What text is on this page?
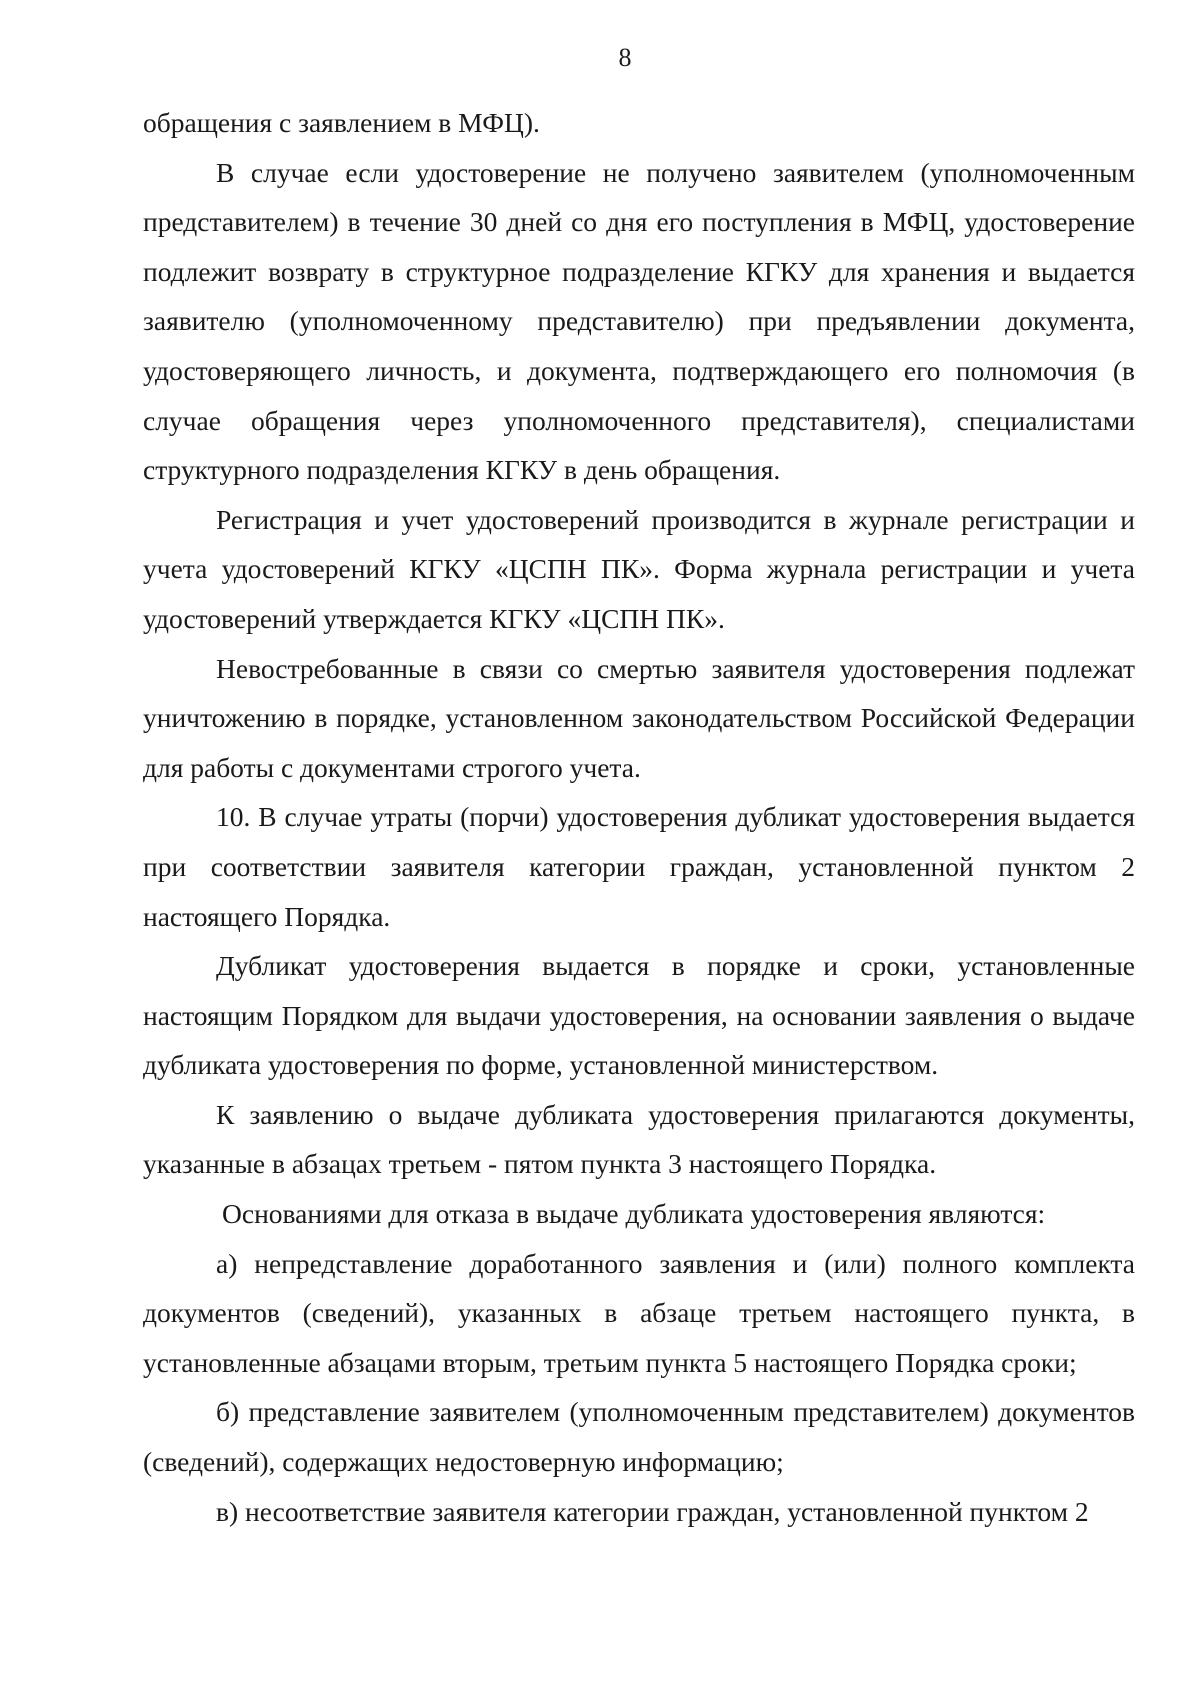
8

обращения с заявлением в МФЦ).

В случае если удостоверение не получено заявителем (уполномоченным представителем) в течение 30 дней со дня его поступления в МФЦ, удостоверение подлежит возврату в структурное подразделение КГКУ для хранения и выдается заявителю (уполномоченному представителю) при предъявлении документа, удостоверяющего личность, и документа, подтверждающего его полномочия (в случае обращения через уполномоченного представителя), специалистами структурного подразделения КГКУ в день обращения.

Регистрация и учет удостоверений производится в журнале регистрации и учета удостоверений КГКУ «ЦСПН ПК». Форма журнала регистрации и учета удостоверений утверждается КГКУ «ЦСПН ПК».

Невостребованные в связи со смертью заявителя удостоверения подлежат уничтожению в порядке, установленном законодательством Российской Федерации для работы с документами строгого учета.

10. В случае утраты (порчи) удостоверения дубликат удостоверения выдается при соответствии заявителя категории граждан, установленной пунктом 2 настоящего Порядка.

Дубликат удостоверения выдается в порядке и сроки, установленные настоящим Порядком для выдачи удостоверения, на основании заявления о выдаче дубликата удостоверения по форме, установленной министерством.

К заявлению о выдаче дубликата удостоверения прилагаются документы, указанные в абзацах третьем - пятом пункта 3 настоящего Порядка.

Основаниями для отказа в выдаче дубликата удостоверения являются:

а) непредставление доработанного заявления и (или) полного комплекта документов (сведений), указанных в абзаце третьем настоящего пункта, в установленные абзацами вторым, третьим пункта 5 настоящего Порядка сроки;

б) представление заявителем (уполномоченным представителем) документов (сведений), содержащих недостоверную информацию;

в) несоответствие заявителя категории граждан, установленной пунктом 2
